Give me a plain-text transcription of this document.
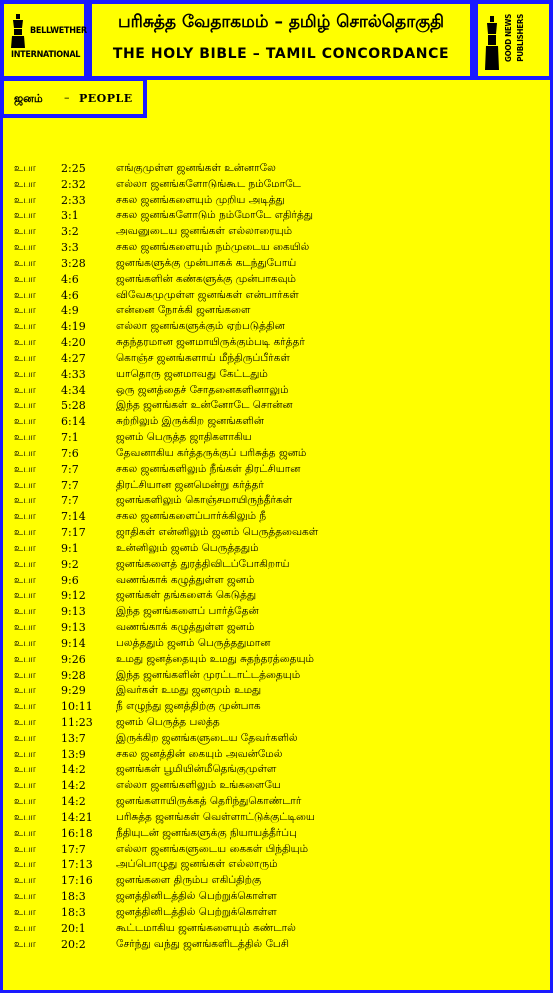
BELLWETHER
INTERNATIONAL
பரிசுத்த வேதாகமம் – தமிழ் சொல்தொகுதி
THE HOLY BIBLE – TAMIL CONCORDANCE	GOOD NEWS PUBLISHERS
ஜனம் – PEOPLE
உபா 2:25	எங்குமுள்ள ஜனங்கள் உன்னாலே
உபா 2:32	எல்லா ஜனங்களோடுங்கூட நம்மோடே
உபா 2:33	சகல ஜனங்களையும் முறிய அடித்து
உபா 3:1	சகல ஜனங்களோடும் நம்மோடே எதிர்த்து
உபா 3:2	அவனுடைய ஜனங்கள் எல்லாரையும்
உபா 3:3	சகல ஜனங்களையும் நம்முடைய கையில்
உபா 3:28	ஜனங்களுக்கு முன்பாகக் கடந்துபோய்
உபா 4:6	ஜனங்களின் கண்களுக்கு முன்பாகவும்
உபா 4:6	விவேகமுமுள்ள ஜனங்கள் என்பார்கள்
உபா 4:9	என்னை நோக்கி ஜனங்களை
உபா 4:19	எல்லா ஜனங்களுக்கும் ஏற்படுத்தின
உபா 4:20	சுதந்தரமான ஜனமாயிருக்கும்படி கர்த்தர்
உபா 4:27	கொஞ்ச ஜனங்களாய் மீந்திருப்பீர்கள்
உபா 4:33	யாதொரு ஜனமாவது கேட்டதும்
உபா 4:34	ஒரு ஜனத்தைச் சோதனைகளினாலும்
உபா 5:28	இந்த ஜனங்கள் உன்னோடே சொன்ன
உபா 6:14	சுற்றிலும் இருக்கிற ஜனங்களின்
உபா 7:1	ஜனம் பெருத்த ஜாதிகளாகிய
உபா 7:6	தேவனாகிய கர்த்தருக்குப் பரிசுத்த ஜனம்
உபா 7:7	சகல ஜனங்களிலும் நீங்கள் திரட்சியான
உபா 7:7	திரட்சியான ஜனமென்று கர்த்தர்
உபா 7:7	ஜனங்களிலும் கொஞ்சமாயிருந்தீர்கள்
உபா 7:14	சகல ஜனங்களைப்பார்க்கிலும் நீ
உபா 7:17	ஜாதிகள் என்னிலும் ஜனம் பெருத்தவைகள்
உபா 9:1	உன்னிலும் ஜனம் பெருத்ததும்
உபா 9:2	ஜனங்களைத் துரத்திவிடப்போகிறாய்
உபா 9:6	வணங்காக் கழுத்துள்ள ஜனம்
உபா 9:12	ஜனங்கள் தங்களைக் கெடுத்து
உபா 9:13	இந்த ஜனங்களைப் பார்த்தேன்
உபா 9:13	வணங்காக் கழுத்துள்ள ஜனம்
உபா 9:14	பலத்ததும் ஜனம் பெருத்ததுமான
உபா 9:26	உமது ஜனத்தையும் உமது சுதந்தரத்தையும்
உபா 9:28	இந்த ஜனங்களின் முரட்டாட்டத்தையும்
உபா 9:29	இவர்கள் உமது ஜனமும் உமது
உபா 10:11 நீ எழுந்து ஜனத்திற்கு முன்பாக
உபா 11:23 ஜனம் பெருத்த பலத்த
உபா 13:7	இருக்கிற ஜனங்களுடைய தேவர்களில்
உபா 13:9	சகல ஜனத்தின் கையும் அவன்மேல்
உபா 14:2	ஜனங்கள் பூமியின்மீதெங்குமுள்ள
உபா 14:2	எல்லா ஜனங்களிலும் உங்களையே
உபா 14:2	ஜனங்களாயிருக்கத் தெரிந்துகொண்டார்
உபா 14:21 பரிசுத்த ஜனங்கள் வெள்ளாட்டுக்குட்டியை
உபா 16:18 நீதியுடன் ஜனங்களுக்கு நியாயத்தீர்ப்பு
உபா 17:7	எல்லா ஜனங்களுடைய கைகள் பிந்தியும்
உபா 17:13 அப்பொழுது ஜனங்கள் எல்லாரும்
உபா 17:16 ஜனங்களை திரும்ப எகிப்திற்கு
உபா 18:3	ஜனத்தினிடத்தில் பெற்றுக்கொள்ள
உபா 18:3	ஜனத்தினிடத்தில் பெற்றுக்கொள்ள
உபா 20:1	கூட்டமாகிய ஜனங்களையும் கண்டால்
உபா 20:2	சேர்ந்து வந்து ஜனங்களிடத்தில் பேசி
